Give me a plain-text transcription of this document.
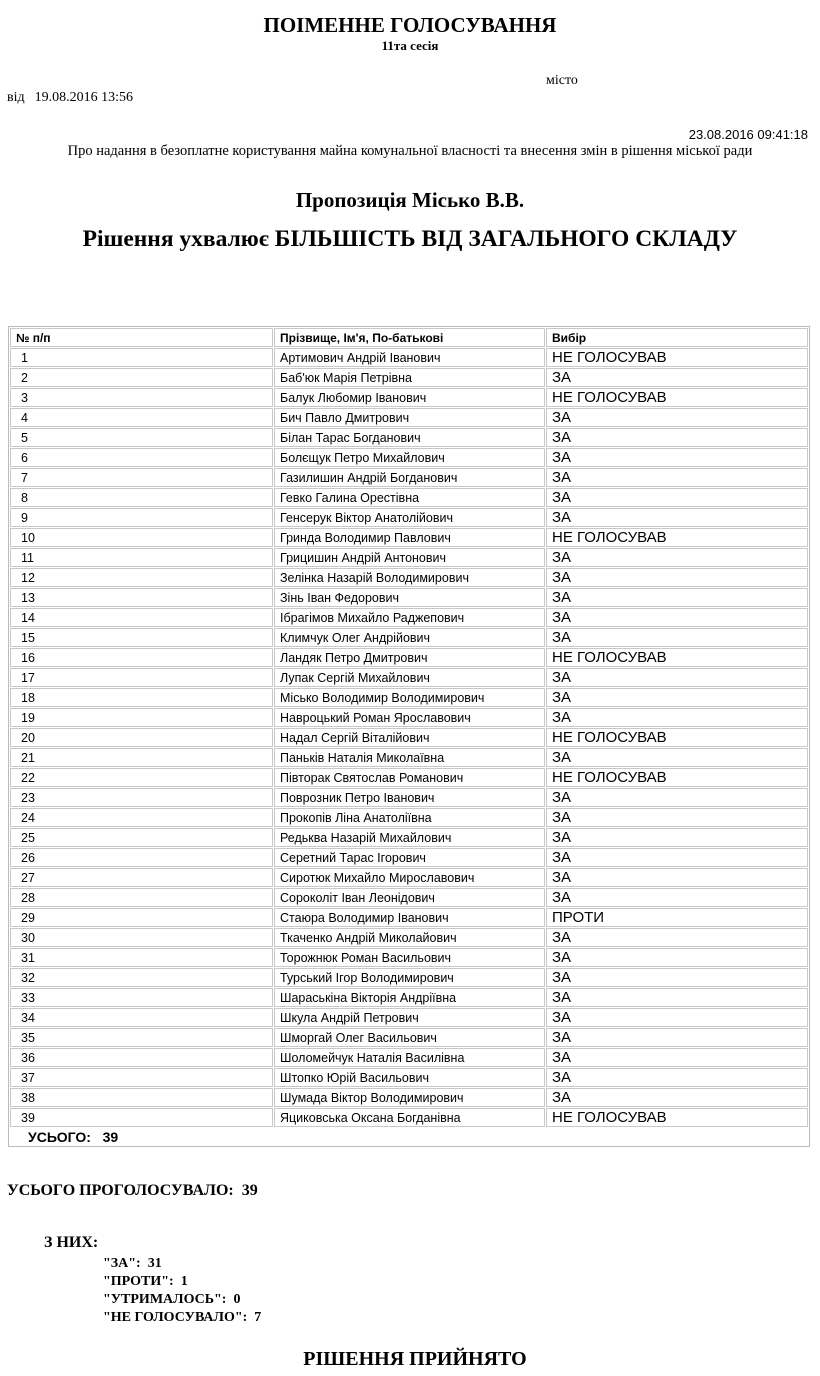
ПОІМЕННЕ ГОЛОСУВАННЯ
11та сесія
місто
від 19.08.2016 13:56
23.08.2016 09:41:18
Про надання в безоплатне користування майна комунальної власності та внесення змін в рішення міської ради
Пропозиція Місько В.В.
Рішення ухвалює БІЛЬШІСТЬ ВІД ЗАГАЛЬНОГО СКЛАДУ
№ п/п	Прізвище, Ім'я, По-батькові	Вибір
1	Артимович Андрій Іванович	НЕ ГОЛОСУВАВ
2	Баб'юк Марія Петрівна	ЗА
3	Балук Любомир Іванович	НЕ ГОЛОСУВАВ
4	Бич Павло Дмитрович	ЗА
5	Білан Тарас Богданович	ЗА
6	Болєщук Петро Михайлович	ЗА
7	Газилишин Андрій Богданович	ЗА
8	Гевко Галина Орестівна	ЗА
9	Генсерук Віктор Анатолійович	ЗА
10	Гринда Володимир Павлович	НЕ ГОЛОСУВАВ
11	Грицишин Андрій Антонович	ЗА
12	Зелінка Назарій Володимирович	ЗА
13	Зінь Іван Федорович	ЗА
14	Ібрагімов Михайло Раджепович	ЗА
15	Климчук Олег Андрійович	ЗА
16	Ландяк Петро Дмитрович	НЕ ГОЛОСУВАВ
17	Лупак Сергій Михайлович	ЗА
18	Місько Володимир Володимирович	ЗА
19	Навроцький Роман Ярославович	ЗА
20	Надал Сергій Віталійович	НЕ ГОЛОСУВАВ
21	Паньків Наталія Миколаївна	ЗА
22	Півторак Святослав Романович	НЕ ГОЛОСУВАВ
23	Поврозник Петро Іванович	ЗА
24	Прокопів Ліна Анатоліївна	ЗА
25	Редьква Назарій Михайлович	ЗА
26	Серетний Тарас Ігорович	ЗА
27	Сиротюк Михайло Мирославович	ЗА
28	Сороколіт Іван Леонідович	ЗА
29	Стаюра Володимир Іванович	ПРОТИ
30	Ткаченко Андрій Миколайович	ЗА
31	Торожнюк Роман Васильович	ЗА
32	Турський Ігор Володимирович	ЗА
33	Шараськіна Вікторія Андріївна	ЗА
34	Шкула Андрій Петрович	ЗА
35	Шморгай Олег Васильович	ЗА
36	Шоломейчук Наталія Василівна	ЗА
37	Штопко Юрій Васильович	ЗА
38	Шумада Віктор Володимирович	ЗА
39	Яциковська Оксана Богданівна	НЕ ГОЛОСУВАВ
УСЬОГО: 39		
УСЬОГО ПРОГОЛОСУВАЛО: 39
З НИХ:
"ЗА": 31
"ПРОТИ": 1
"УТРИМАЛОСЬ": 0
"НЕ ГОЛОСУВАЛО": 7
РІШЕННЯ ПРИЙНЯТО
